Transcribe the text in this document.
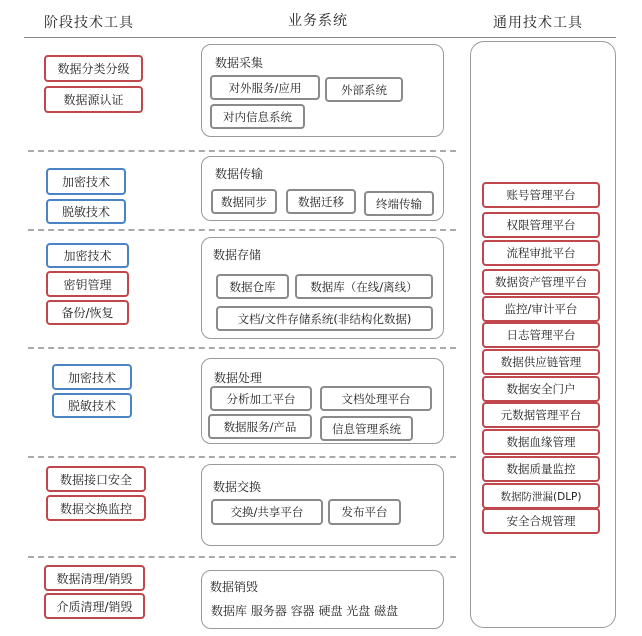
阶段技术工具	业务系统	通用技术工具
数据分类分级
数据源认证
数据采集
对外服务/应用	外部系统
对内信息系统
加密技术
脱敏技术
数据传输
数据同步	数据迁移	终端传输
加密技术
密钥管理
备份/恢复
数据存储
数据仓库	数据库（在线/离线）
文档/文件存储系统(非结构化数据)
加密技术
脱敏技术
数据处理
分析加工平台	文档处理平台
数据服务/产品	信息管理系统
数据接口安全
数据交换监控
数据交换
交换/共享平台	发布平台
数据清理/销毁
介质清理/销毁
数据销毁
数据库 服务器 容器 硬盘 光盘 磁盘
账号管理平台
权限管理平台
流程审批平台
数据资产管理平台
监控/审计平台
日志管理平台
数据供应链管理
数据安全门户
元数据管理平台
数据血缘管理
数据质量监控
数据防泄漏(DLP)
安全合规管理
